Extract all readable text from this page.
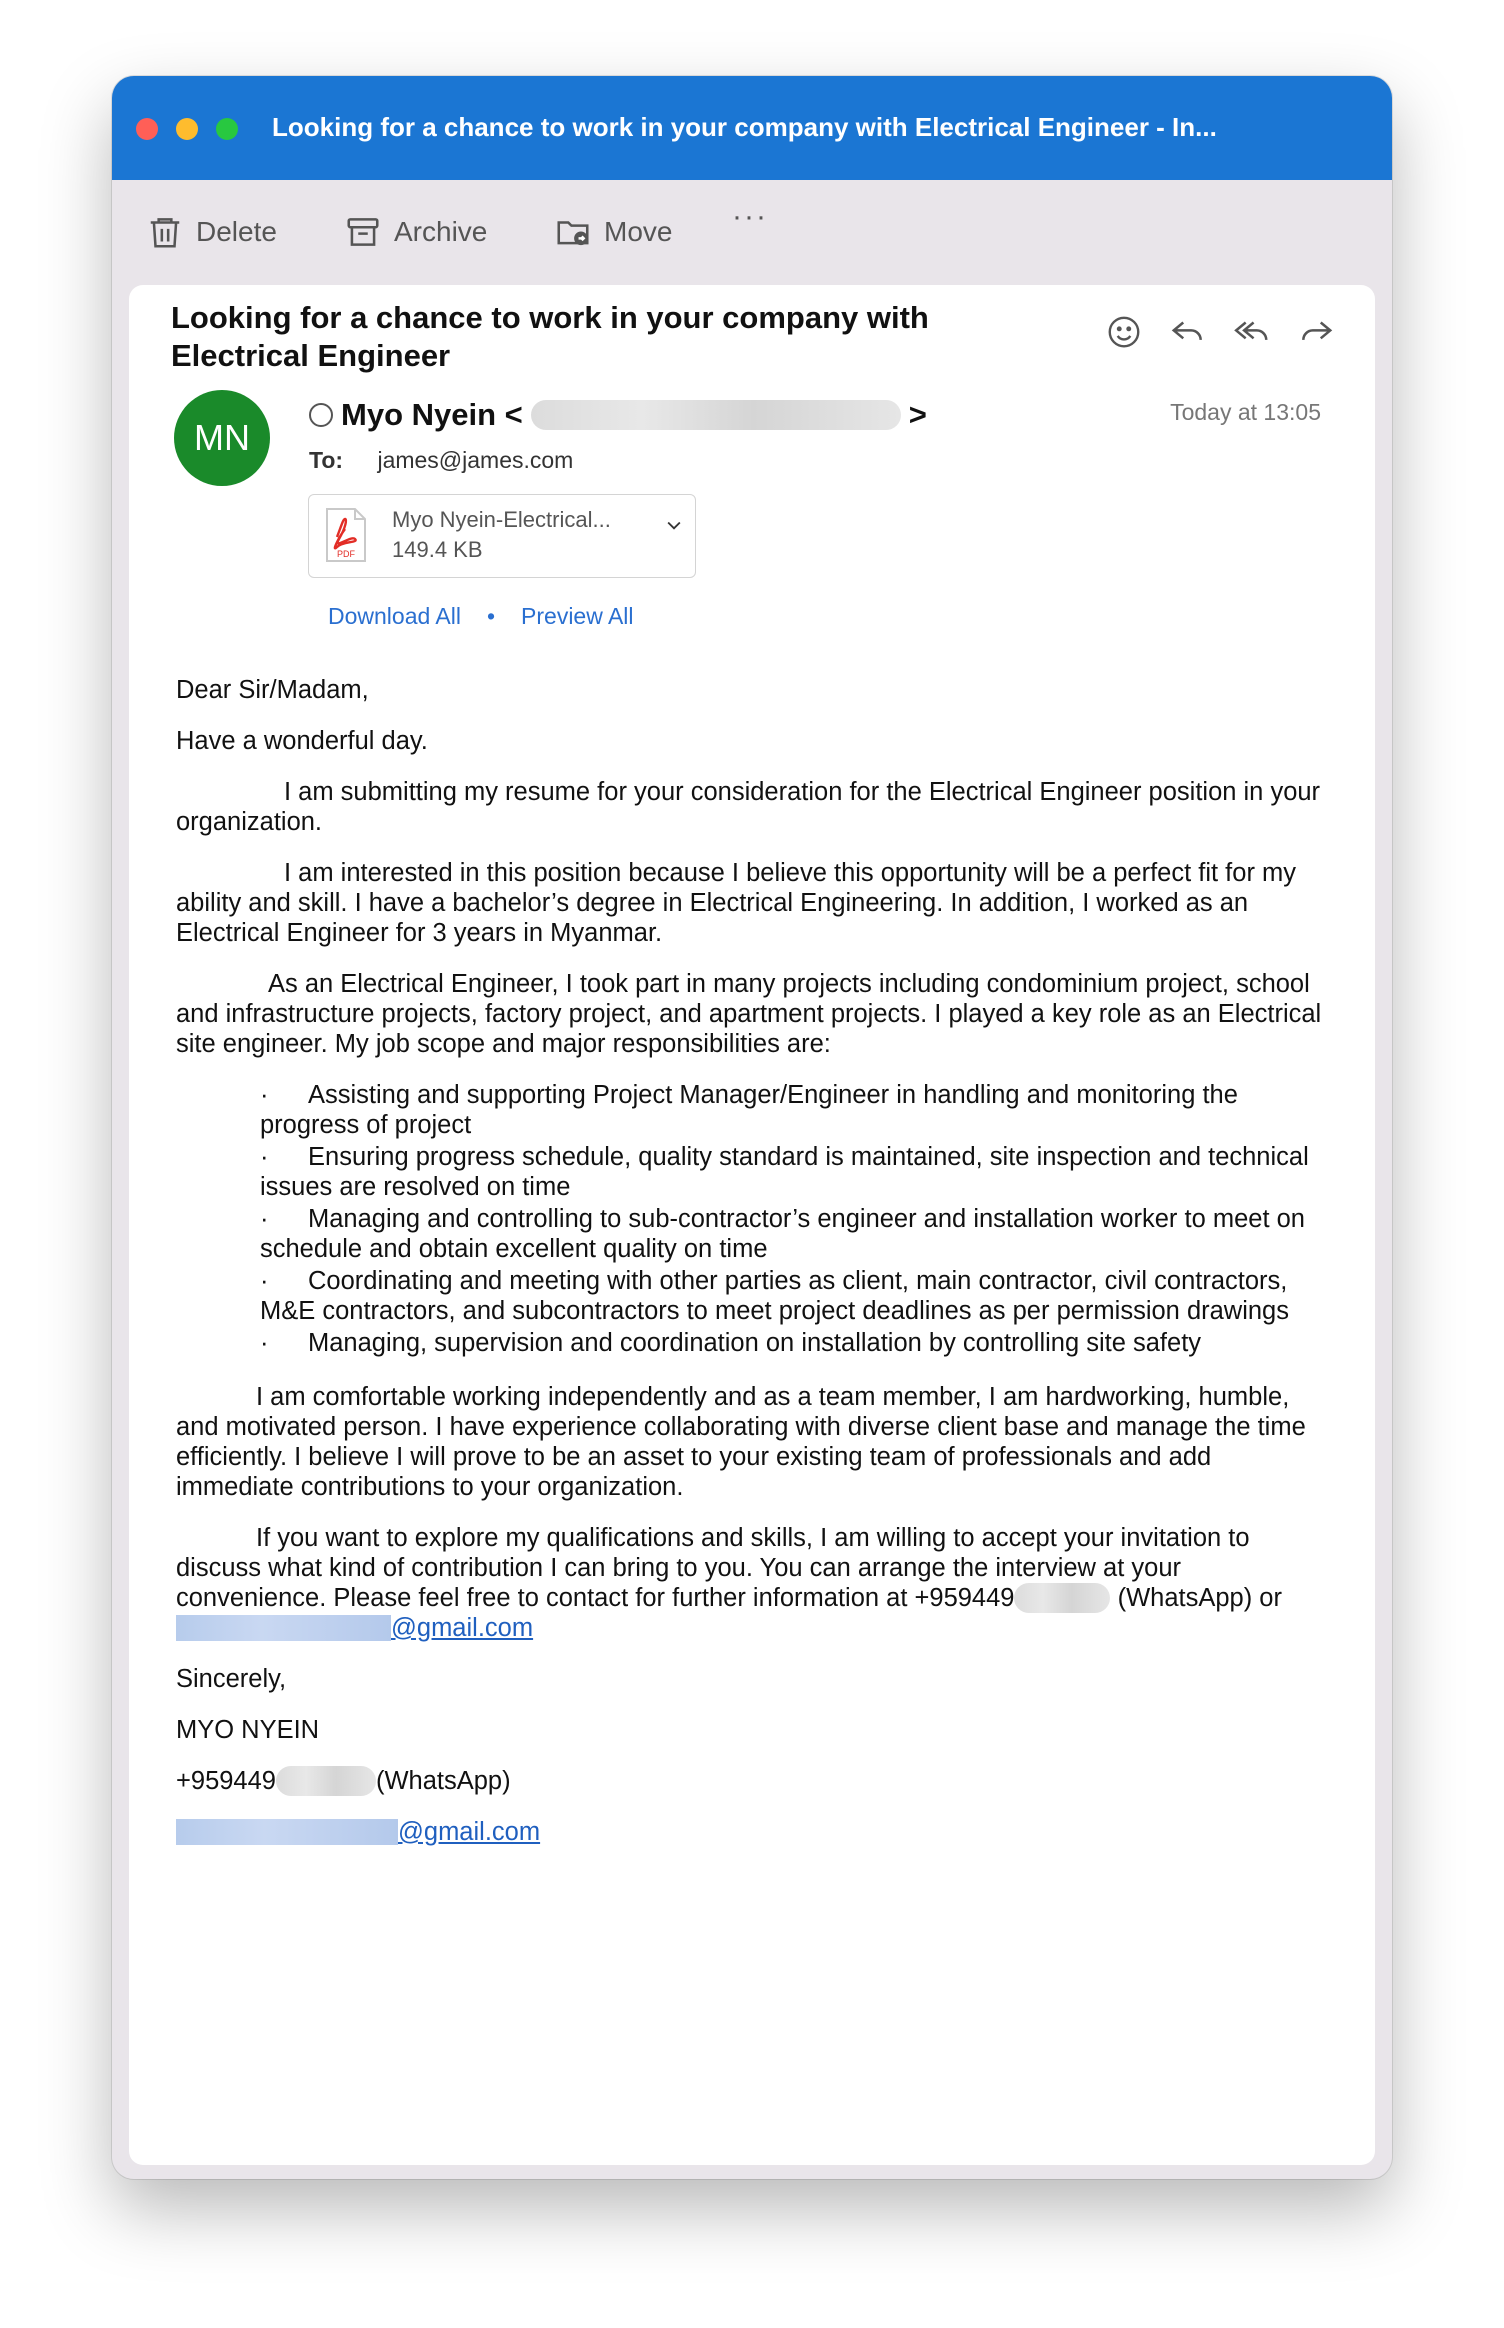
Looking for a chance to work in your company with Electrical Engineer - In...
Delete	Archive	Move ···
Looking for a chance to work in your company with Electrical Engineer
MN
Myo Nyein <	>	Today at 13:05
To: james@james.com
PDF
Myo Nyein-Electrical...
149.4 KB
Download All • Preview All

Dear Sir/Madam,

Have a wonderful day.

I am submitting my resume for your consideration for the Electrical Engineer position in your organization.

I am interested in this position because I believe this opportunity will be a perfect fit for my ability and skill. I have a bachelor’s degree in Electrical Engineering. In addition, I worked as an Electrical Engineer for 3 years in Myanmar.

As an Electrical Engineer, I took part in many projects including condominium project, school and infrastructure projects, factory project, and apartment projects. I played a key role as an Electrical site engineer. My job scope and major responsibilities are:

· Assisting and supporting Project Manager/Engineer in handling and monitoring the progress of project
· Ensuring progress schedule, quality standard is maintained, site inspection and technical issues are resolved on time
· Managing and controlling to sub-contractor’s engineer and installation worker to meet on schedule and obtain excellent quality on time
· Coordinating and meeting with other parties as client, main contractor, civil contractors, M&E contractors, and subcontractors to meet project deadlines as per permission drawings
· Managing, supervision and coordination on installation by controlling site safety

I am comfortable working independently and as a team member, I am hardworking, humble, and motivated person. I have experience collaborating with diverse client base and manage the time efficiently. I believe I will prove to be an asset to your existing team of professionals and add immediate contributions to your organization.

If you want to explore my qualifications and skills, I am willing to accept your invitation to discuss what kind of contribution I can bring to you. You can arrange the interview at your convenience. Please feel free to contact for further information at +959449	(WhatsApp) or @gmail.com

Sincerely,

MYO NYEIN

+959449	(WhatsApp)

@gmail.com
